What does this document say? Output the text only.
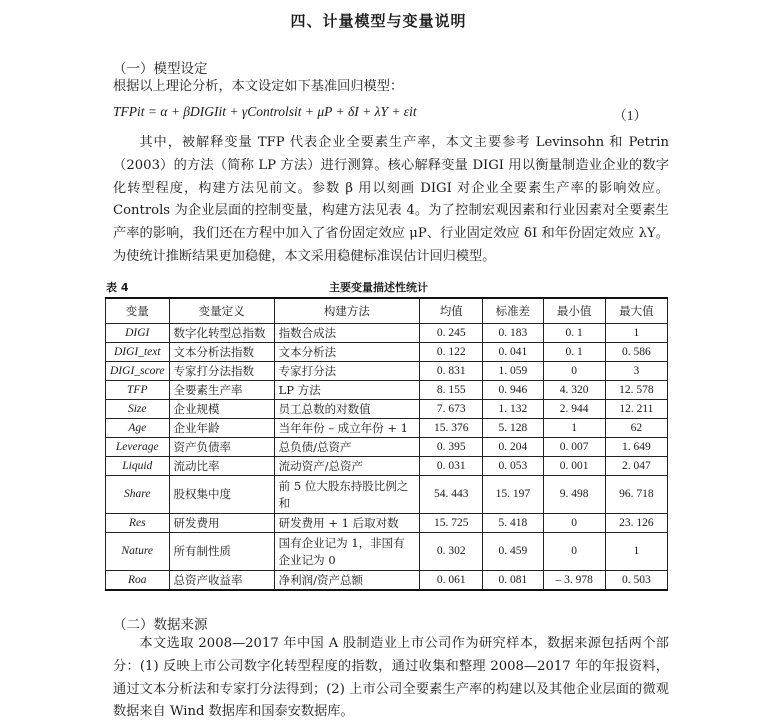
四、计量模型与变量说明
（一）模型设定
根据以上理论分析，本文设定如下基准回归模型：
TFPit = α + βDIGIit + γControlsit + μP + δI + λY + εit	（1）
其中，被解释变量 TFP 代表企业全要素生产率，本文主要参考 Levinsohn 和 Petrin（2003）的方法（简称 LP 方法）进行测算。核心解释变量 DIGI 用以衡量制造业企业的数字化转型程度，构建方法见前文。参数 β 用以刻画 DIGI 对企业全要素生产率的影响效应。Controls 为企业层面的控制变量，构建方法见表 4。为了控制宏观因素和行业因素对全要素生产率的影响，我们还在方程中加入了省份固定效应 μP、行业固定效应 δI 和年份固定效应 λY。为使统计推断结果更加稳健，本文采用稳健标准误估计回归模型。
表 4	主要变量描述性统计
变量	变量定义	构建方法	均值	标准差	最小值	最大值
DIGI	数字化转型总指数	指数合成法	0. 245	0. 183	0. 1	1
DIGI_text	文本分析法指数	文本分析法	0. 122	0. 041	0. 1	0. 586
DIGI_score	专家打分法指数	专家打分法	0. 831	1. 059	0	3
TFP	全要素生产率	LP 方法	8. 155	0. 946	4. 320	12. 578
Size	企业规模	员工总数的对数值	7. 673	1. 132	2. 944	12. 211
Age	企业年龄	当年年份 – 成立年份 + 1	15. 376	5. 128	1	62
Leverage	资产负债率	总负债/总资产	0. 395	0. 204	0. 007	1. 649
Liquid	流动比率	流动资产/总资产	0. 031	0. 053	0. 001	2. 047
Share	股权集中度	前 5 位大股东持股比例之和	54. 443	15. 197	9. 498	96. 718
Res	研发费用	研发费用 + 1 后取对数	15. 725	5. 418	0	23. 126
Nature	所有制性质	国有企业记为 1，非国有企业记为 0	0. 302	0. 459	0	1
Roa	总资产收益率	净利润/资产总额	0. 061	0. 081	– 3. 978	0. 503
（二）数据来源
本文选取 2008—2017 年中国 A 股制造业上市公司作为研究样本，数据来源包括两个部分：(1) 反映上市公司数字化转型程度的指数，通过收集和整理 2008—2017 年的年报资料，通过文本分析法和专家打分法得到；(2) 上市公司全要素生产率的构建以及其他企业层面的微观数据来自 Wind 数据库和国泰安数据库。
